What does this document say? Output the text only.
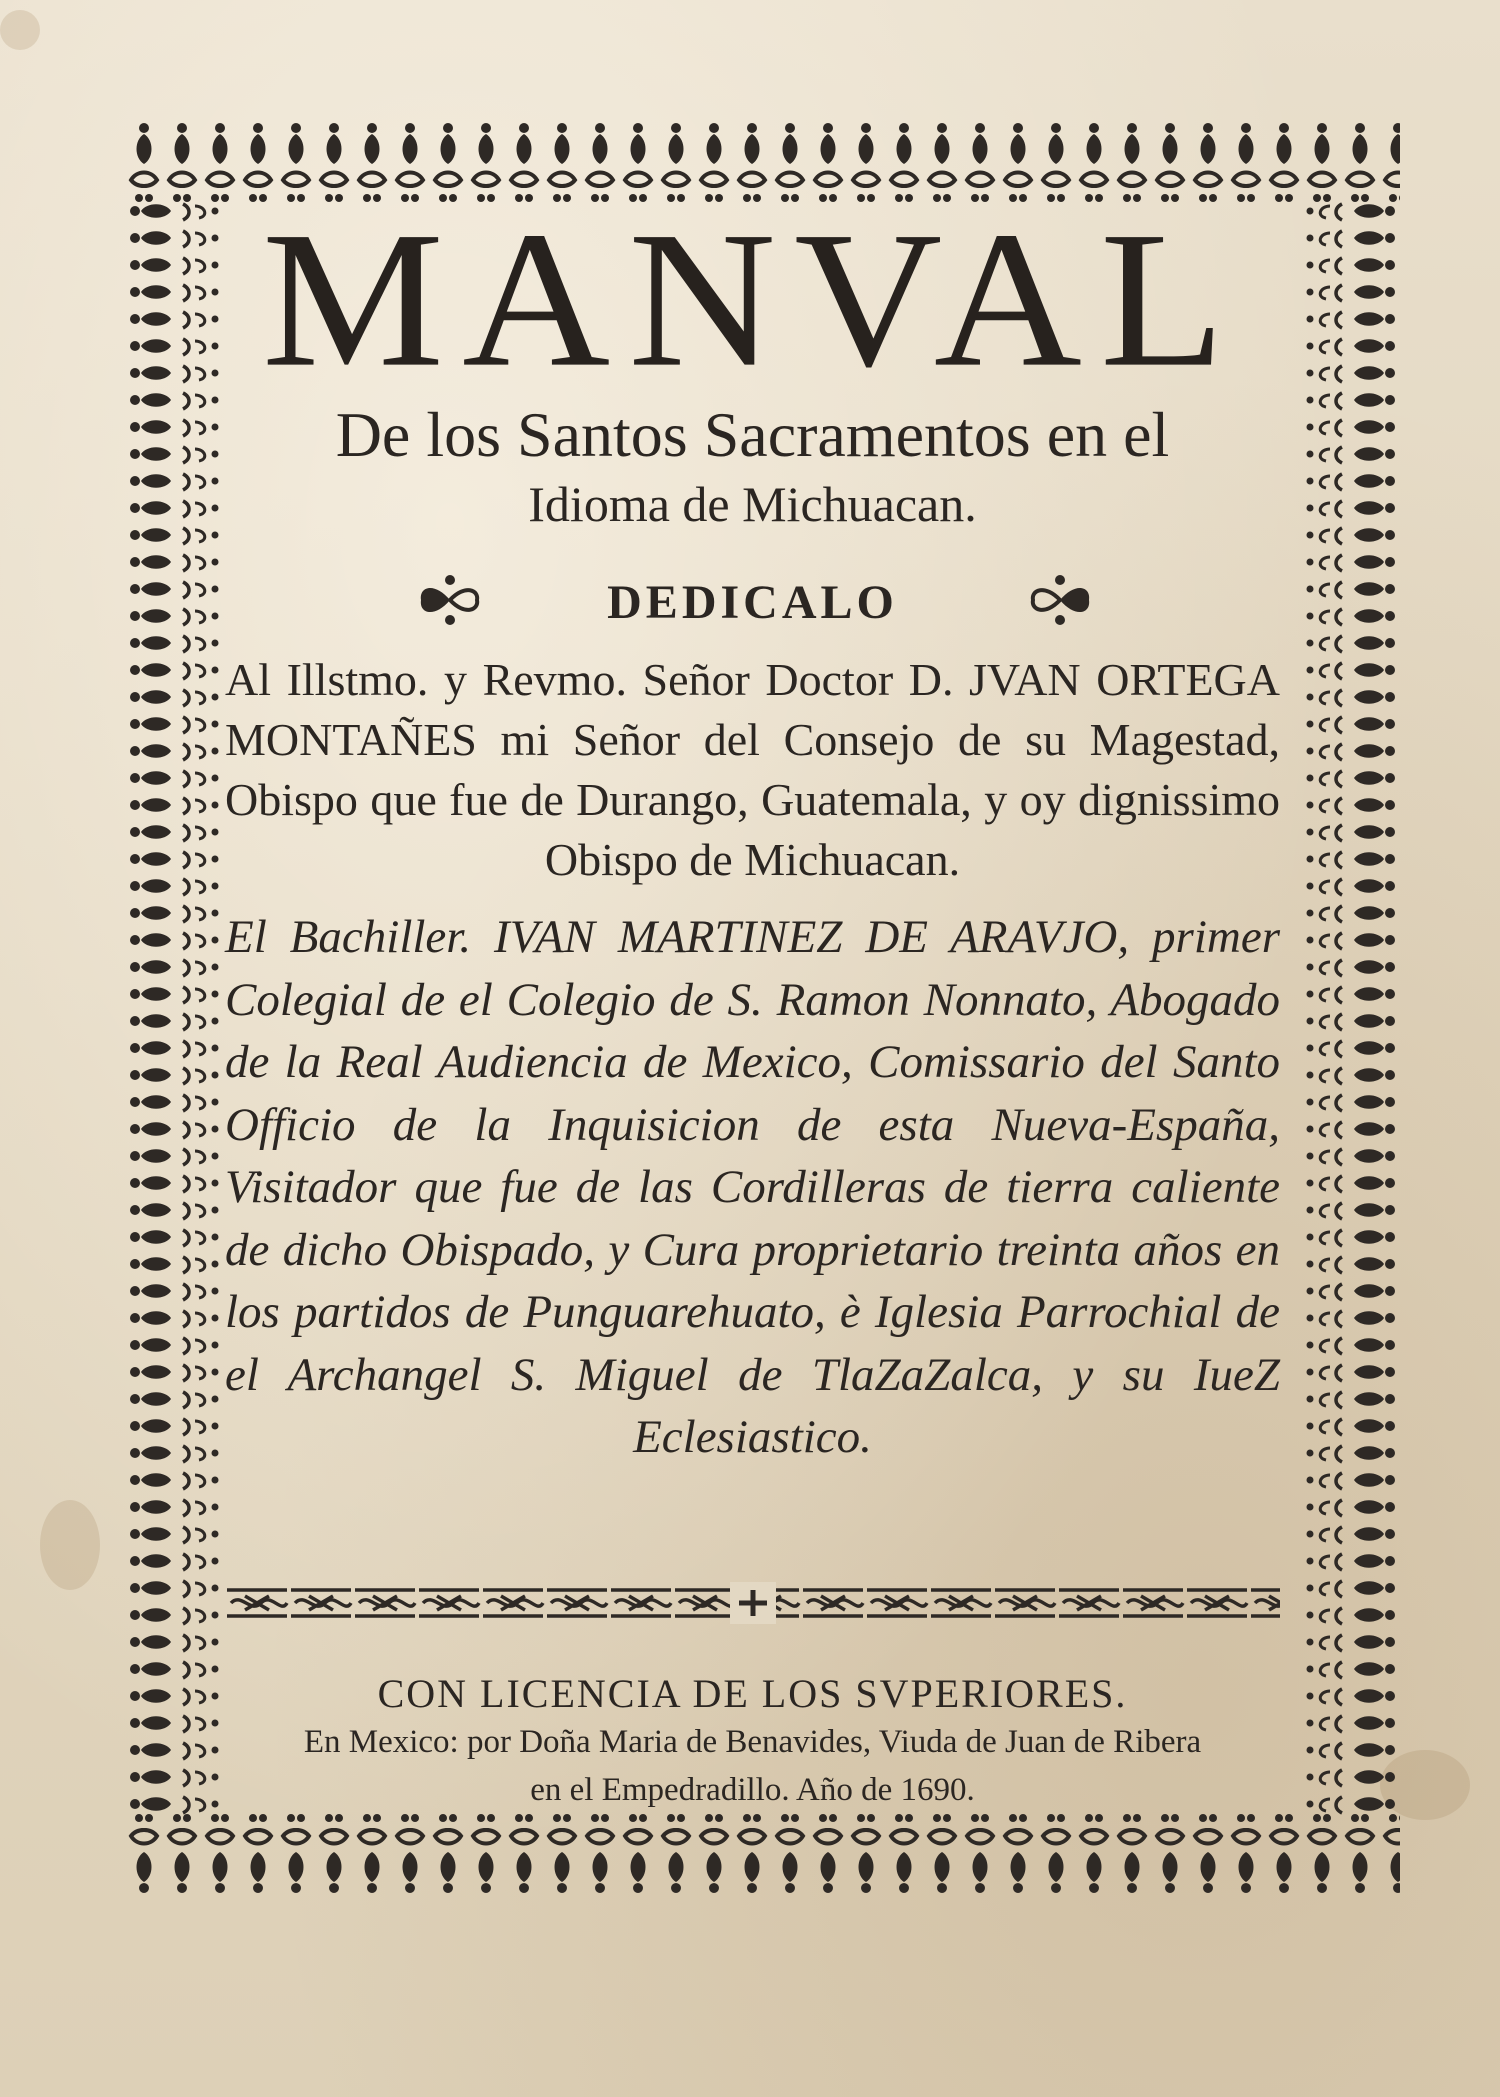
MANVAL

De los Santos Sacramentos en el

Idioma de Michuacan.

DEDICALO

Al Illstmo. y Revmo. Señor Doctor D. JVAN ORTEGA MONTAÑES mi Señor del Consejo de su Magestad, Obispo que fue de Durango, Guatemala, y oy dignissimo Obispo de Michuacan.

El Bachiller. IVAN MARTINEZ DE ARAVJO, primer Colegial de el Colegio de S. Ramon Nonnato, Abogado de la Real Audiencia de Mexico, Comissario del Santo Officio de la Inquisicion de esta Nueva-España, Visitador que fue de las Cordilleras de tierra caliente de dicho Obispado, y Cura proprietario treinta años en los partidos de Punguarehuato, è Iglesia Parrochial de el Archangel S. Miguel de TlaZaZalca, y su IueZ Eclesiastico.

CON LICENCIA DE LOS SVPERIORES.

En Mexico: por Doña Maria de Benavides, Viuda de Juan de Ribera

en el Empedradillo. Año de 1690.
